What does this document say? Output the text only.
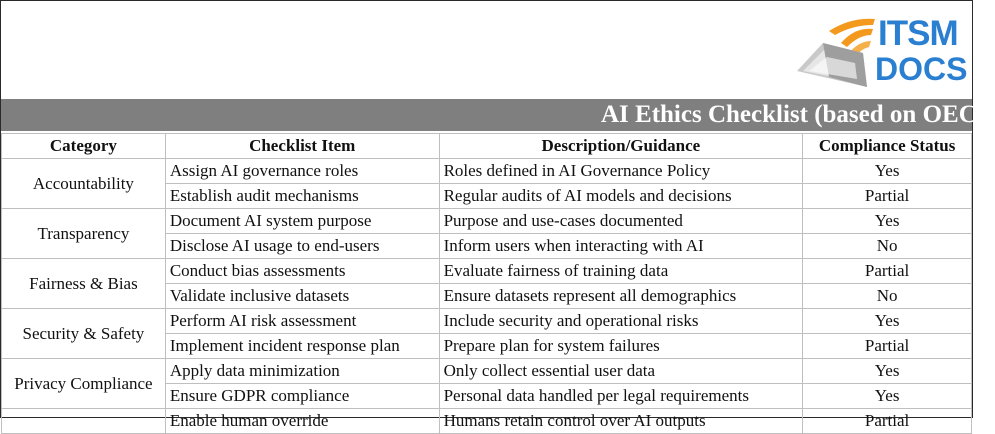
ITSM
DOCS
AI Ethics Checklist (based on OECD
Category	Checklist Item	Description/Guidance	Compliance Status
Accountability	Assign AI governance roles	Roles defined in AI Governance Policy	Yes
	Establish audit mechanisms	Regular audits of AI models and decisions	Partial
Transparency	Document AI system purpose	Purpose and use-cases documented	Yes
	Disclose AI usage to end-users	Inform users when interacting with AI	No
Fairness & Bias	Conduct bias assessments	Evaluate fairness of training data	Partial
	Validate inclusive datasets	Ensure datasets represent all demographics	No
Security & Safety	Perform AI risk assessment	Include security and operational risks	Yes
	Implement incident response plan	Prepare plan for system failures	Partial
Privacy Compliance	Apply data minimization	Only collect essential user data	Yes
	Ensure GDPR compliance	Personal data handled per legal requirements	Yes
	Enable human override	Humans retain control over AI outputs	Partial
